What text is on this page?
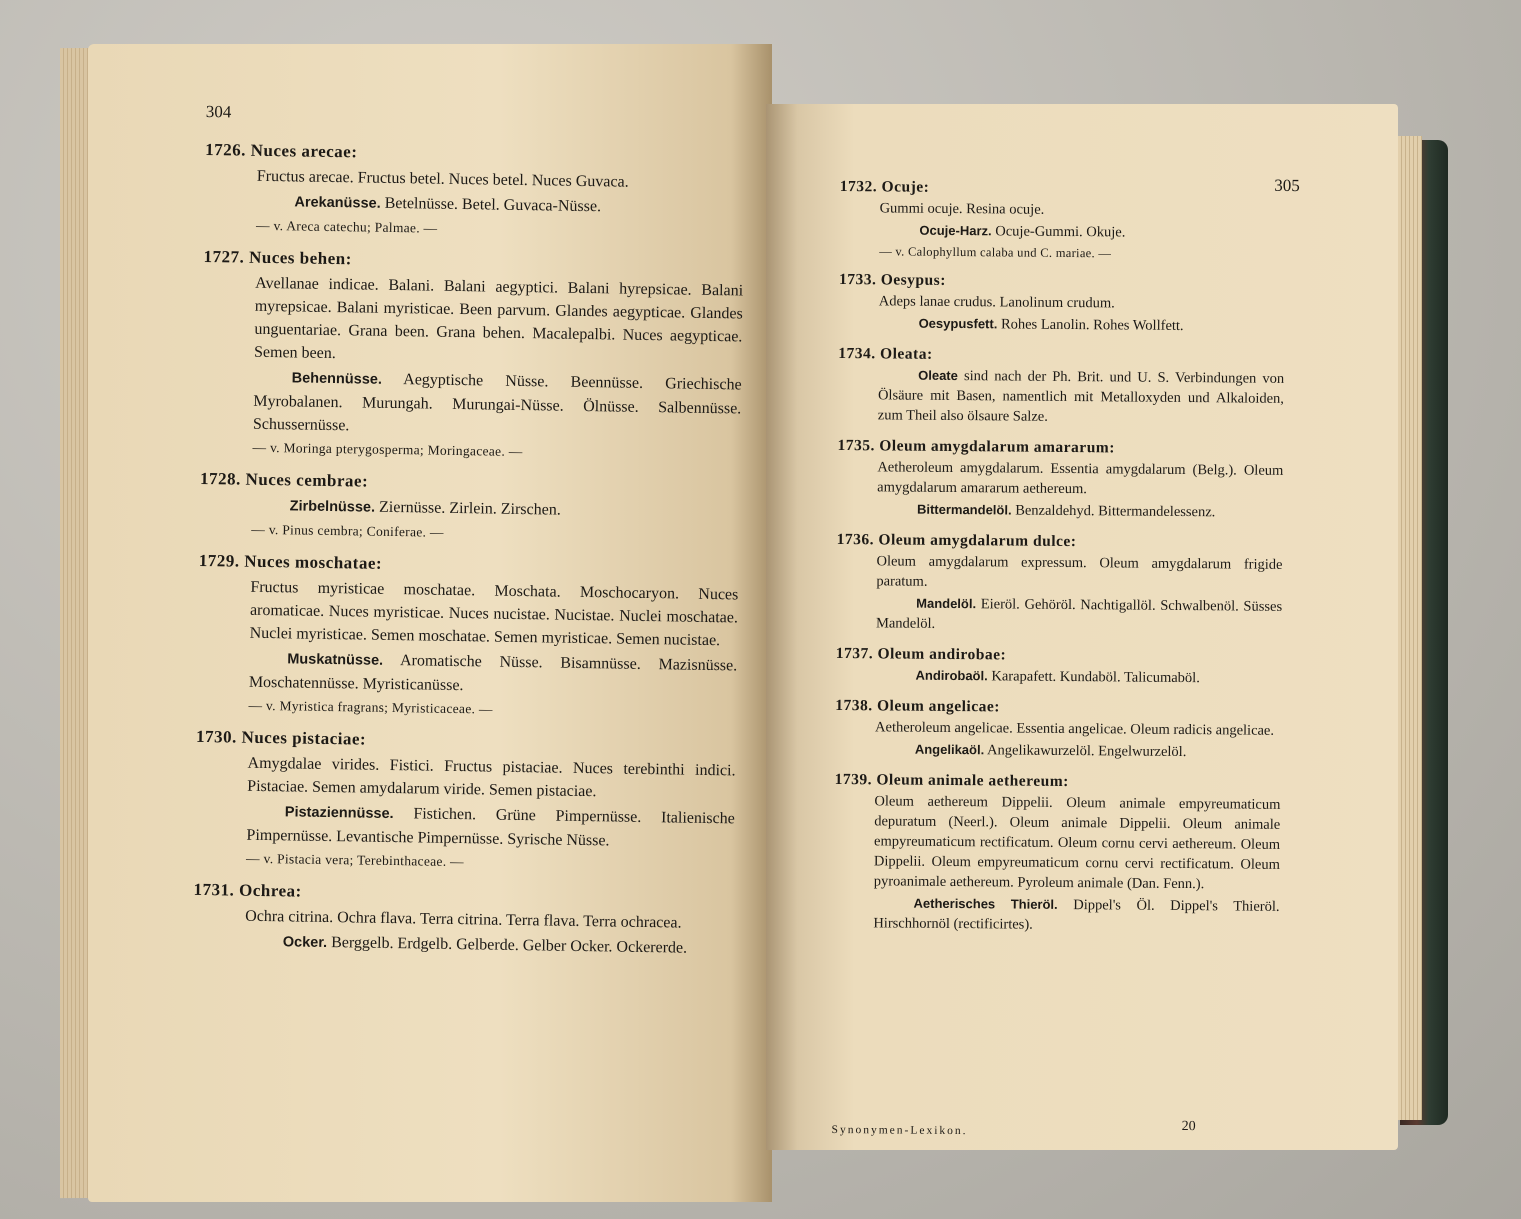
304
1726. Nuces arecae:
Fructus arecae. Fructus betel. Nuces betel. Nuces Guvaca.
Arekanüsse. Betelnüsse. Betel. Guvaca-Nüsse.
— v. Areca catechu; Palmae. —
1727. Nuces behen:
Avellanae indicae. Balani. Balani aegyptici. Balani hyrepsicae. Balani myrepsicae. Balani myristicae. Been parvum. Glandes aegypticae. Glandes unguentariae. Grana been. Grana behen. Macalepalbi. Nuces aegypticae. Semen been.
Behennüsse. Aegyptische Nüsse. Beennüsse. Griechische Myrobalanen. Murungah. Murungai-Nüsse. Ölnüsse. Salbennüsse. Schussernüsse.
— v. Moringa pterygosperma; Moringaceae. —
1728. Nuces cembrae:
Zirbelnüsse. Ziernüsse. Zirlein. Zirschen.
— v. Pinus cembra; Coniferae. —
1729. Nuces moschatae:
Fructus myristicae moschatae. Moschata. Moschocaryon. Nuces aromaticae. Nuces myristicae. Nuces nucistae. Nucistae. Nuclei moschatae. Nuclei myristicae. Semen moschatae. Semen myristicae. Semen nucistae.
Muskatnüsse. Aromatische Nüsse. Bisamnüsse. Mazisnüsse. Moschatennüsse. Myristicanüsse.
— v. Myristica fragrans; Myristicaceae. —
1730. Nuces pistaciae:
Amygdalae virides. Fistici. Fructus pistaciae. Nuces terebinthi indici. Pistaciae. Semen amydalarum viride. Semen pistaciae.
Pistaziennüsse. Fistichen. Grüne Pimpernüsse. Italienische Pimpernüsse. Levantische Pimpernüsse. Syrische Nüsse.
— v. Pistacia vera; Terebinthaceae. —
1731. Ochrea:
Ochra citrina. Ochra flava. Terra citrina. Terra flava. Terra ochracea.
Ocker. Berggelb. Erdgelb. Gelberde. Gelber Ocker. Ockererde.
305
1732. Ocuje:
Gummi ocuje. Resina ocuje.
Ocuje-Harz. Ocuje-Gummi. Okuje.
— v. Calophyllum calaba und C. mariae. —
1733. Oesypus:
Adeps lanae crudus. Lanolinum crudum.
Oesypusfett. Rohes Lanolin. Rohes Wollfett.
1734. Oleata:
Oleate sind nach der Ph. Brit. und U. S. Verbindungen von Ölsäure mit Basen, namentlich mit Metalloxyden und Alkaloiden, zum Theil also ölsaure Salze.
1735. Oleum amygdalarum amararum:
Aetheroleum amygdalarum. Essentia amygdalarum (Belg.). Oleum amygdalarum amararum aethereum.
Bittermandelöl. Benzaldehyd. Bittermandelessenz.
1736. Oleum amygdalarum dulce:
Oleum amygdalarum expressum. Oleum amygdalarum frigide paratum.
Mandelöl. Eieröl. Gehöröl. Nachtigallöl. Schwalbenöl. Süsses Mandelöl.
1737. Oleum andirobae:
Andirobaöl. Karapafett. Kundaböl. Talicumaböl.
1738. Oleum angelicae:
Aetheroleum angelicae. Essentia angelicae. Oleum radicis angelicae.
Angelikaöl. Angelikawurzelöl. Engelwurzelöl.
1739. Oleum animale aethereum:
Oleum aethereum Dippelii. Oleum animale empyreumaticum depuratum (Neerl.). Oleum animale Dippelii. Oleum animale empyreumaticum rectificatum. Oleum cornu cervi aethereum. Oleum Dippelii. Oleum empyreumaticum cornu cervi rectificatum. Oleum pyroanimale aethereum. Pyroleum animale (Dan. Fenn.).
Aetherisches Thieröl. Dippel's Öl. Dippel's Thieröl. Hirschhornöl (rectificirtes).
Synonymen-Lexikon.	20
